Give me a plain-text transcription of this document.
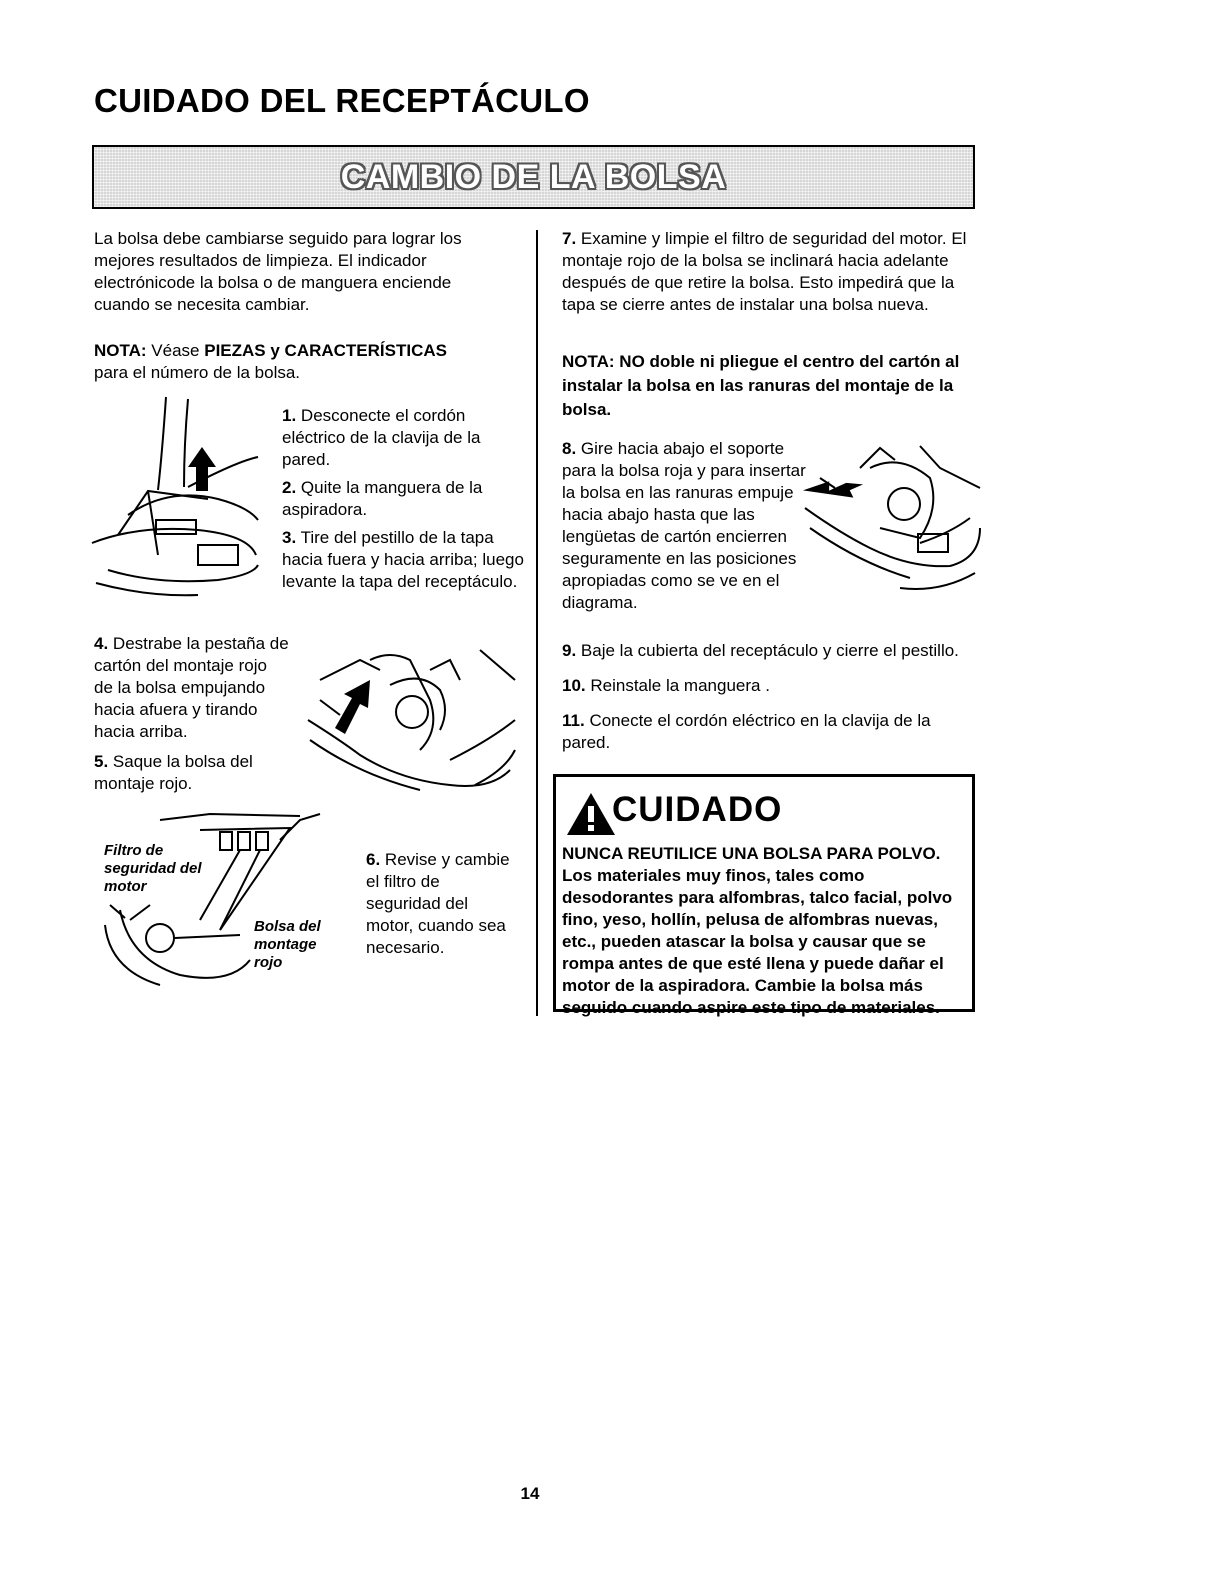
CUIDADO DEL RECEPTÁCULO
CAMBIO DE LA BOLSA

La bolsa debe cambiarse seguido para lograr los mejores resultados de limpieza. El indicador electrónicode la bolsa o de manguera enciende cuando se necesita cambiar.

NOTA: Véase PIEZAS y CARACTERÍSTICAS
para el número de la bolsa.

1. Desconecte el cordón eléctrico de la clavija de la pared.

2. Quite la manguera de la aspiradora.

3. Tire del pestillo de la tapa hacia fuera y hacia arriba; luego levante la tapa del receptáculo.

4. Destrabe la pestaña de cartón del montaje rojo de la bolsa empujando hacia afuera y tirando hacia arriba.

5. Saque la bolsa del montaje rojo.

Filtro de seguridad del motor
Bolsa del montage rojo

6. Revise y cambie el filtro de seguridad del motor, cuando sea necesario.

7. Examine y limpie el filtro de seguridad del motor. El montaje rojo de la bolsa se inclinará hacia adelante después de que retire la bolsa. Esto impedirá que la tapa se cierre antes de instalar una bolsa nueva.

NOTA: NO doble ni pliegue el centro del cartón al instalar la bolsa en las ranuras del montaje de la bolsa.

8. Gire hacia abajo el soporte para la bolsa roja y para insertar la bolsa en las ranuras empuje hacia abajo hasta que las lengüetas de cartón encierren seguramente en las posiciones apropiadas como se ve en el diagrama.

9. Baje la cubierta del receptáculo y cierre el pestillo.

10. Reinstale la manguera .

11. Conecte el cordón eléctrico en la clavija de la pared.

CUIDADO

NUNCA REUTILICE UNA BOLSA PARA POLVO. Los materiales muy finos, tales como desodorantes para alfombras, talco facial, polvo fino, yeso, hollín, pelusa de alfombras nuevas, etc., pueden atascar la bolsa y causar que se rompa antes de que esté llena y puede dañar el motor de la aspiradora. Cambie la bolsa más seguido cuando aspire este tipo de materiales.

14
